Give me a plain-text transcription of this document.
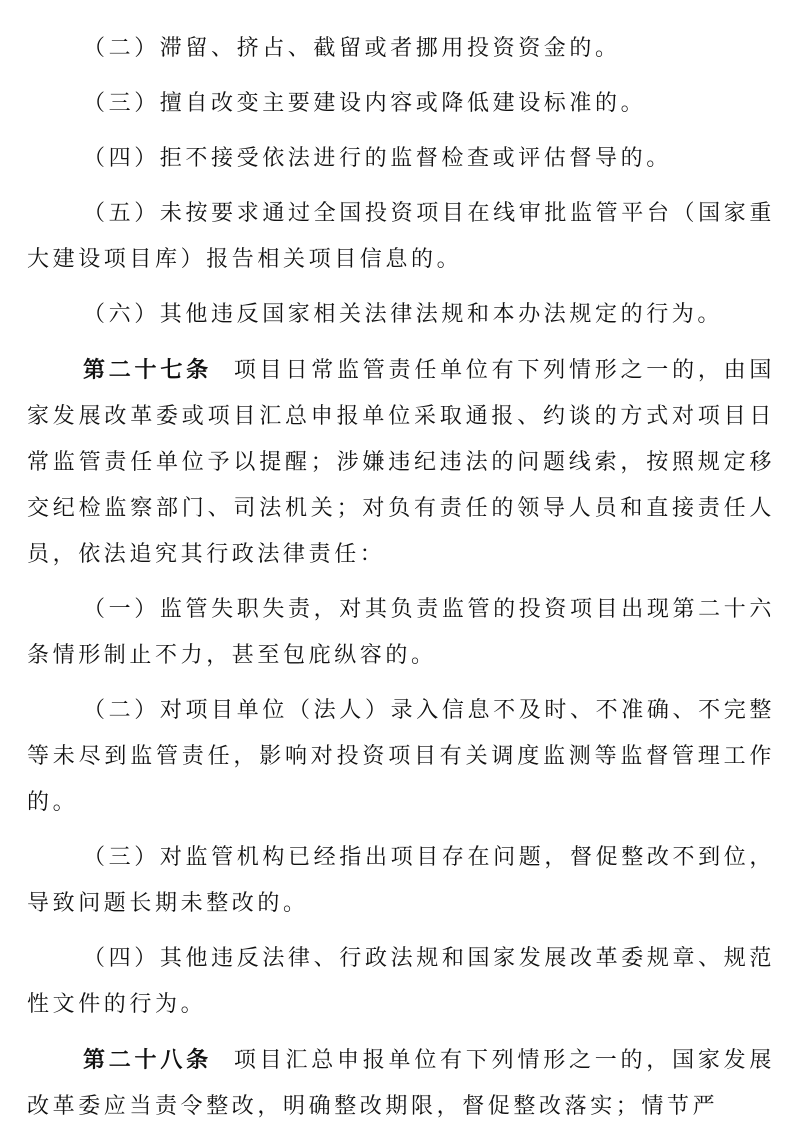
（二）滞留、挤占、截留或者挪用投资资金的。

（三）擅自改变主要建设内容或降低建设标准的。

（四）拒不接受依法进行的监督检查或评估督导的。

（五）未按要求通过全国投资项目在线审批监管平台（国家重大建设项目库）报告相关项目信息的。

（六）其他违反国家相关法律法规和本办法规定的行为。

第二十七条 项目日常监管责任单位有下列情形之一的，由国家发展改革委或项目汇总申报单位采取通报、约谈的方式对项目日常监管责任单位予以提醒；涉嫌违纪违法的问题线索，按照规定移交纪检监察部门、司法机关；对负有责任的领导人员和直接责任人员，依法追究其行政法律责任：

（一）监管失职失责，对其负责监管的投资项目出现第二十六条情形制止不力，甚至包庇纵容的。

（二）对项目单位（法人）录入信息不及时、不准确、不完整等未尽到监管责任，影响对投资项目有关调度监测等监督管理工作的。

（三）对监管机构已经指出项目存在问题，督促整改不到位，导致问题长期未整改的。

（四）其他违反法律、行政法规和国家发展改革委规章、规范性文件的行为。

第二十八条 项目汇总申报单位有下列情形之一的，国家发展改革委应当责令整改，明确整改期限，督促整改落实；情节严
